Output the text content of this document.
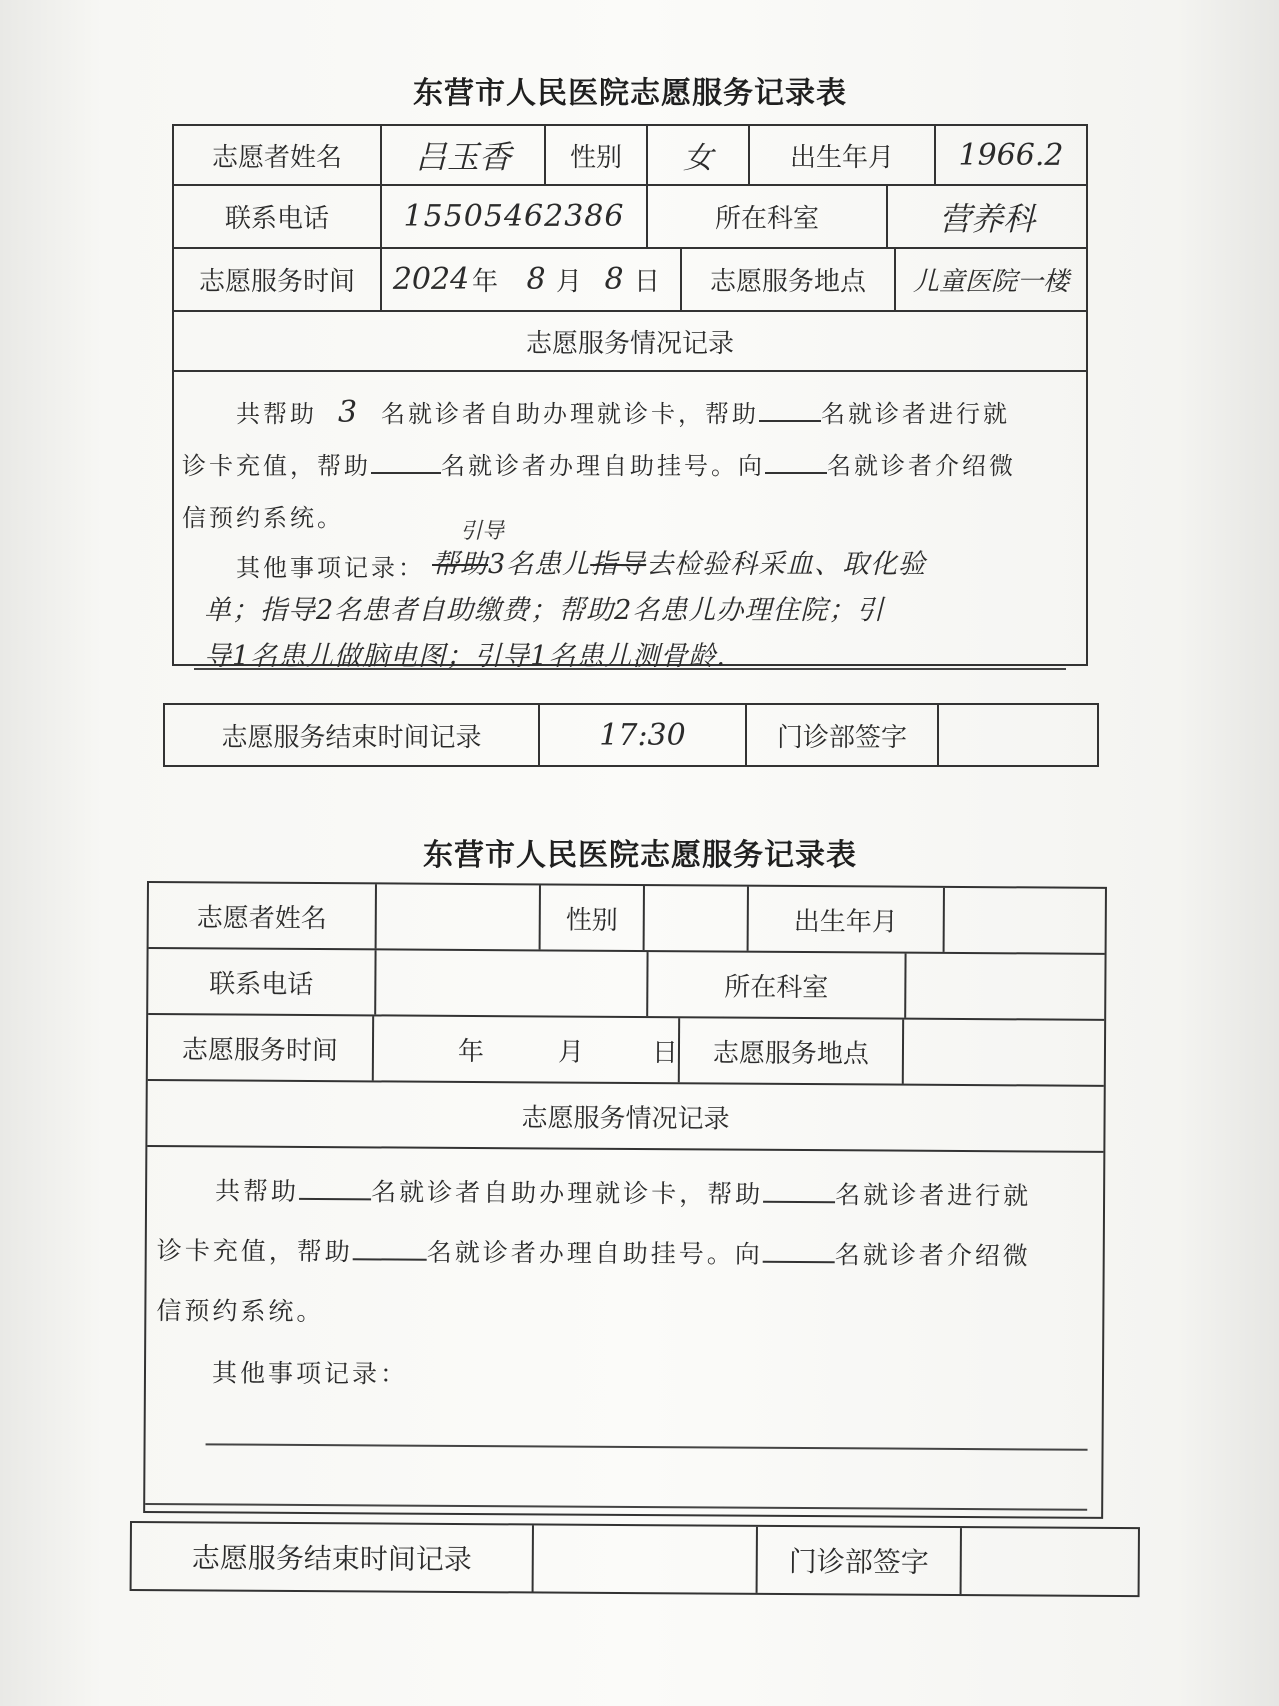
东营市人民医院志愿服务记录表
志愿者姓名	吕玉香	性别	女	出生年月	1966.2
联系电话	15505462386	所在科室	营养科
志愿服务时间	2024 年 8 月 8 日	志愿服务地点	儿童医院一楼
志愿服务情况记录
共帮助 3 名就诊者自助办理就诊卡，帮助	名就诊者进行就
诊卡充值，帮助	名就诊者办理自助挂号。向	名就诊者介绍微
信预约系统。
其他事项记录：
引导
帮助3名患儿指导去检验科采血、取化验
单；指导2名患者自助缴费；帮助2名患儿办理住院；引
导1名患儿做脑电图；引导1名患儿测骨龄.
志愿服务结束时间记录	17:30	门诊部签字
东营市人民医院志愿服务记录表
志愿者姓名	性别	出生年月
联系电话	所在科室
志愿服务时间	年	月	日	志愿服务地点
志愿服务情况记录
共帮助	名就诊者自助办理就诊卡，帮助	名就诊者进行就
诊卡充值，帮助	名就诊者办理自助挂号。向	名就诊者介绍微
信预约系统。
其他事项记录：
志愿服务结束时间记录	门诊部签字
